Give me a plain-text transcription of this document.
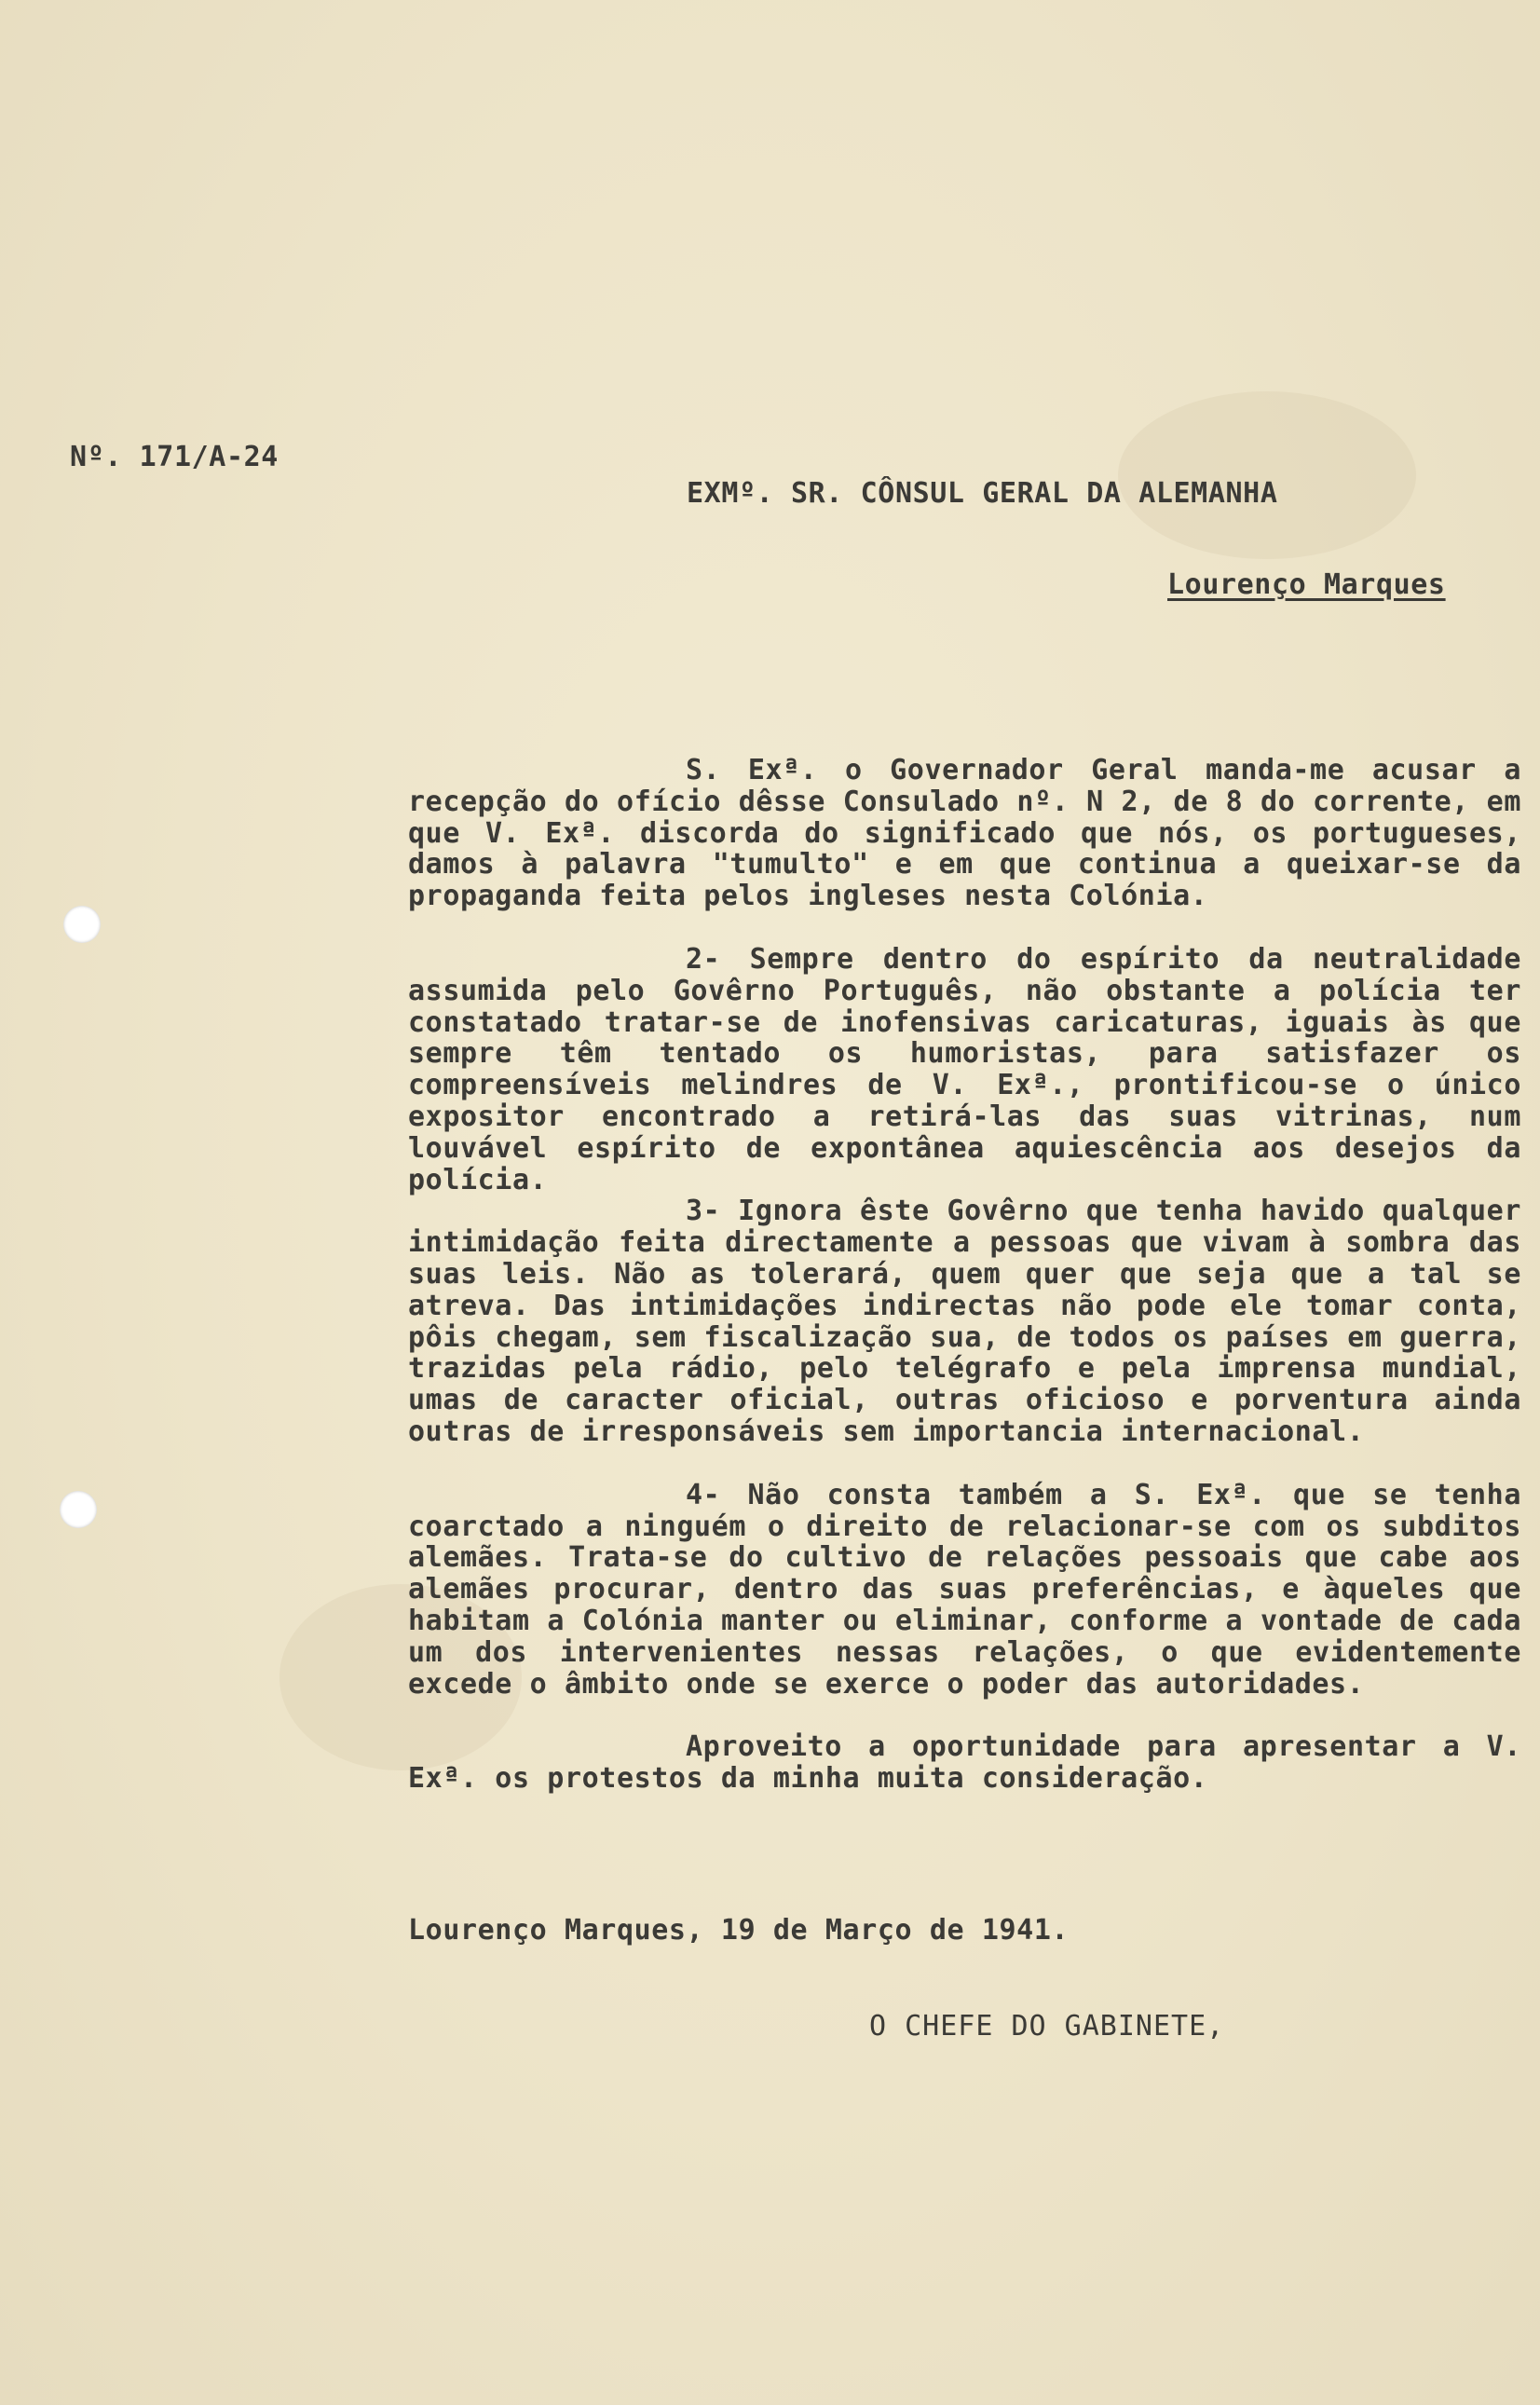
Nº. 171/A-24
EXMº. SR. CÔNSUL GERAL DA ALEMANHA
Lourenço Marques

S. Exª. o Governador Geral manda-me acusar a recepção do ofício dêsse Consulado nº. N 2, de 8 do corrente, em que V. Exª. discorda do significado que nós, os portugueses, damos à palavra "tumulto" e em que continua a queixar-se da propaganda feita pelos ingleses nesta Colónia.

2- Sempre dentro do espírito da neutralidade assumida pelo Govêrno Português, não obstante a polícia ter constatado tratar-se de inofensivas caricaturas, iguais às que sempre têm tentado os humoristas, para satisfazer os compreensíveis melindres de V. Exª., prontificou-se o único expositor encontrado a retirá-las das suas vitrinas, num louvável espírito de expontânea aquiescência aos desejos da polícia.

3- Ignora êste Govêrno que tenha havido qualquer intimidação feita directamente a pessoas que vivam à sombra das suas leis. Não as tolerará, quem quer que seja que a tal se atreva. Das intimidações indirectas não pode ele tomar conta, pôis chegam, sem fiscalização sua, de todos os países em guerra, trazidas pela rádio, pelo telégrafo e pela imprensa mundial, umas de caracter oficial, outras oficioso e porventura ainda outras de irresponsáveis sem importancia internacional.

4- Não consta também a S. Exª. que se tenha coarctado a ninguém o direito de relacionar-se com os subditos alemães. Trata-se do cultivo de relações pessoais que cabe aos alemães procurar, dentro das suas preferências, e àqueles que habitam a Colónia manter ou eliminar, conforme a vontade de cada um dos intervenientes nessas relações, o que evidentemente excede o âmbito onde se exerce o poder das autoridades.

Aproveito a oportunidade para apresentar a V. Exª. os protestos da minha muita consideração.

Lourenço Marques, 19 de Março de 1941.
O CHEFE DO GABINETE,
